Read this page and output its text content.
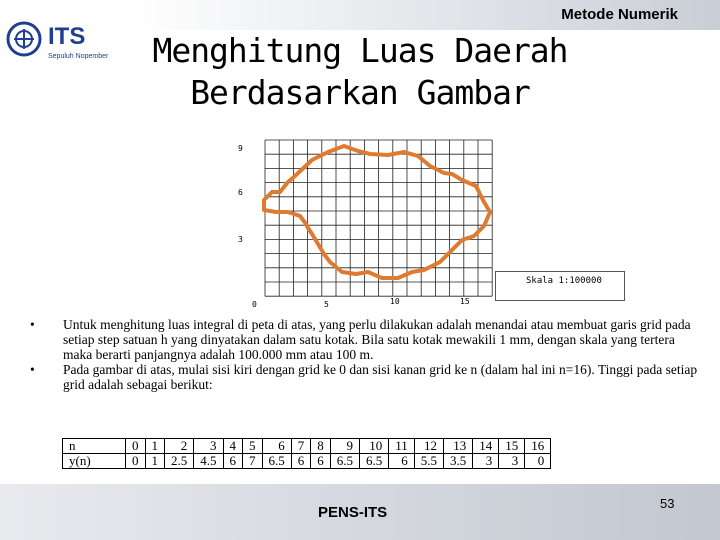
Metode Numerik
ITS
Sepuluh Nopember	Menghitung Luas Daerah Berdasarkan Gambar
9
6
3
0	5	10	15
Skala 1:100000
• Untuk menghitung luas integral di peta di atas, yang perlu dilakukan adalah menandai atau membuat garis grid pada setiap step satuan h yang dinyatakan dalam satu kotak. Bila satu kotak mewakili 1 mm, dengan skala yang tertera maka berarti panjangnya adalah 100.000 mm atau 100 m.
• Pada gambar di atas, mulai sisi kiri dengan grid ke 0 dan sisi kanan grid ke n (dalam hal ini n=16). Tinggi pada setiap grid adalah sebagai berikut:
n	0	1	2	3	4	5	6	7	8	9	10	11	12	13	14	15	16
y(n)	0	1	2.5	4.5	6	7	6.5	6	6	6.5	6.5	6	5.5	3.5	3	3	0
PENS-ITS
53
